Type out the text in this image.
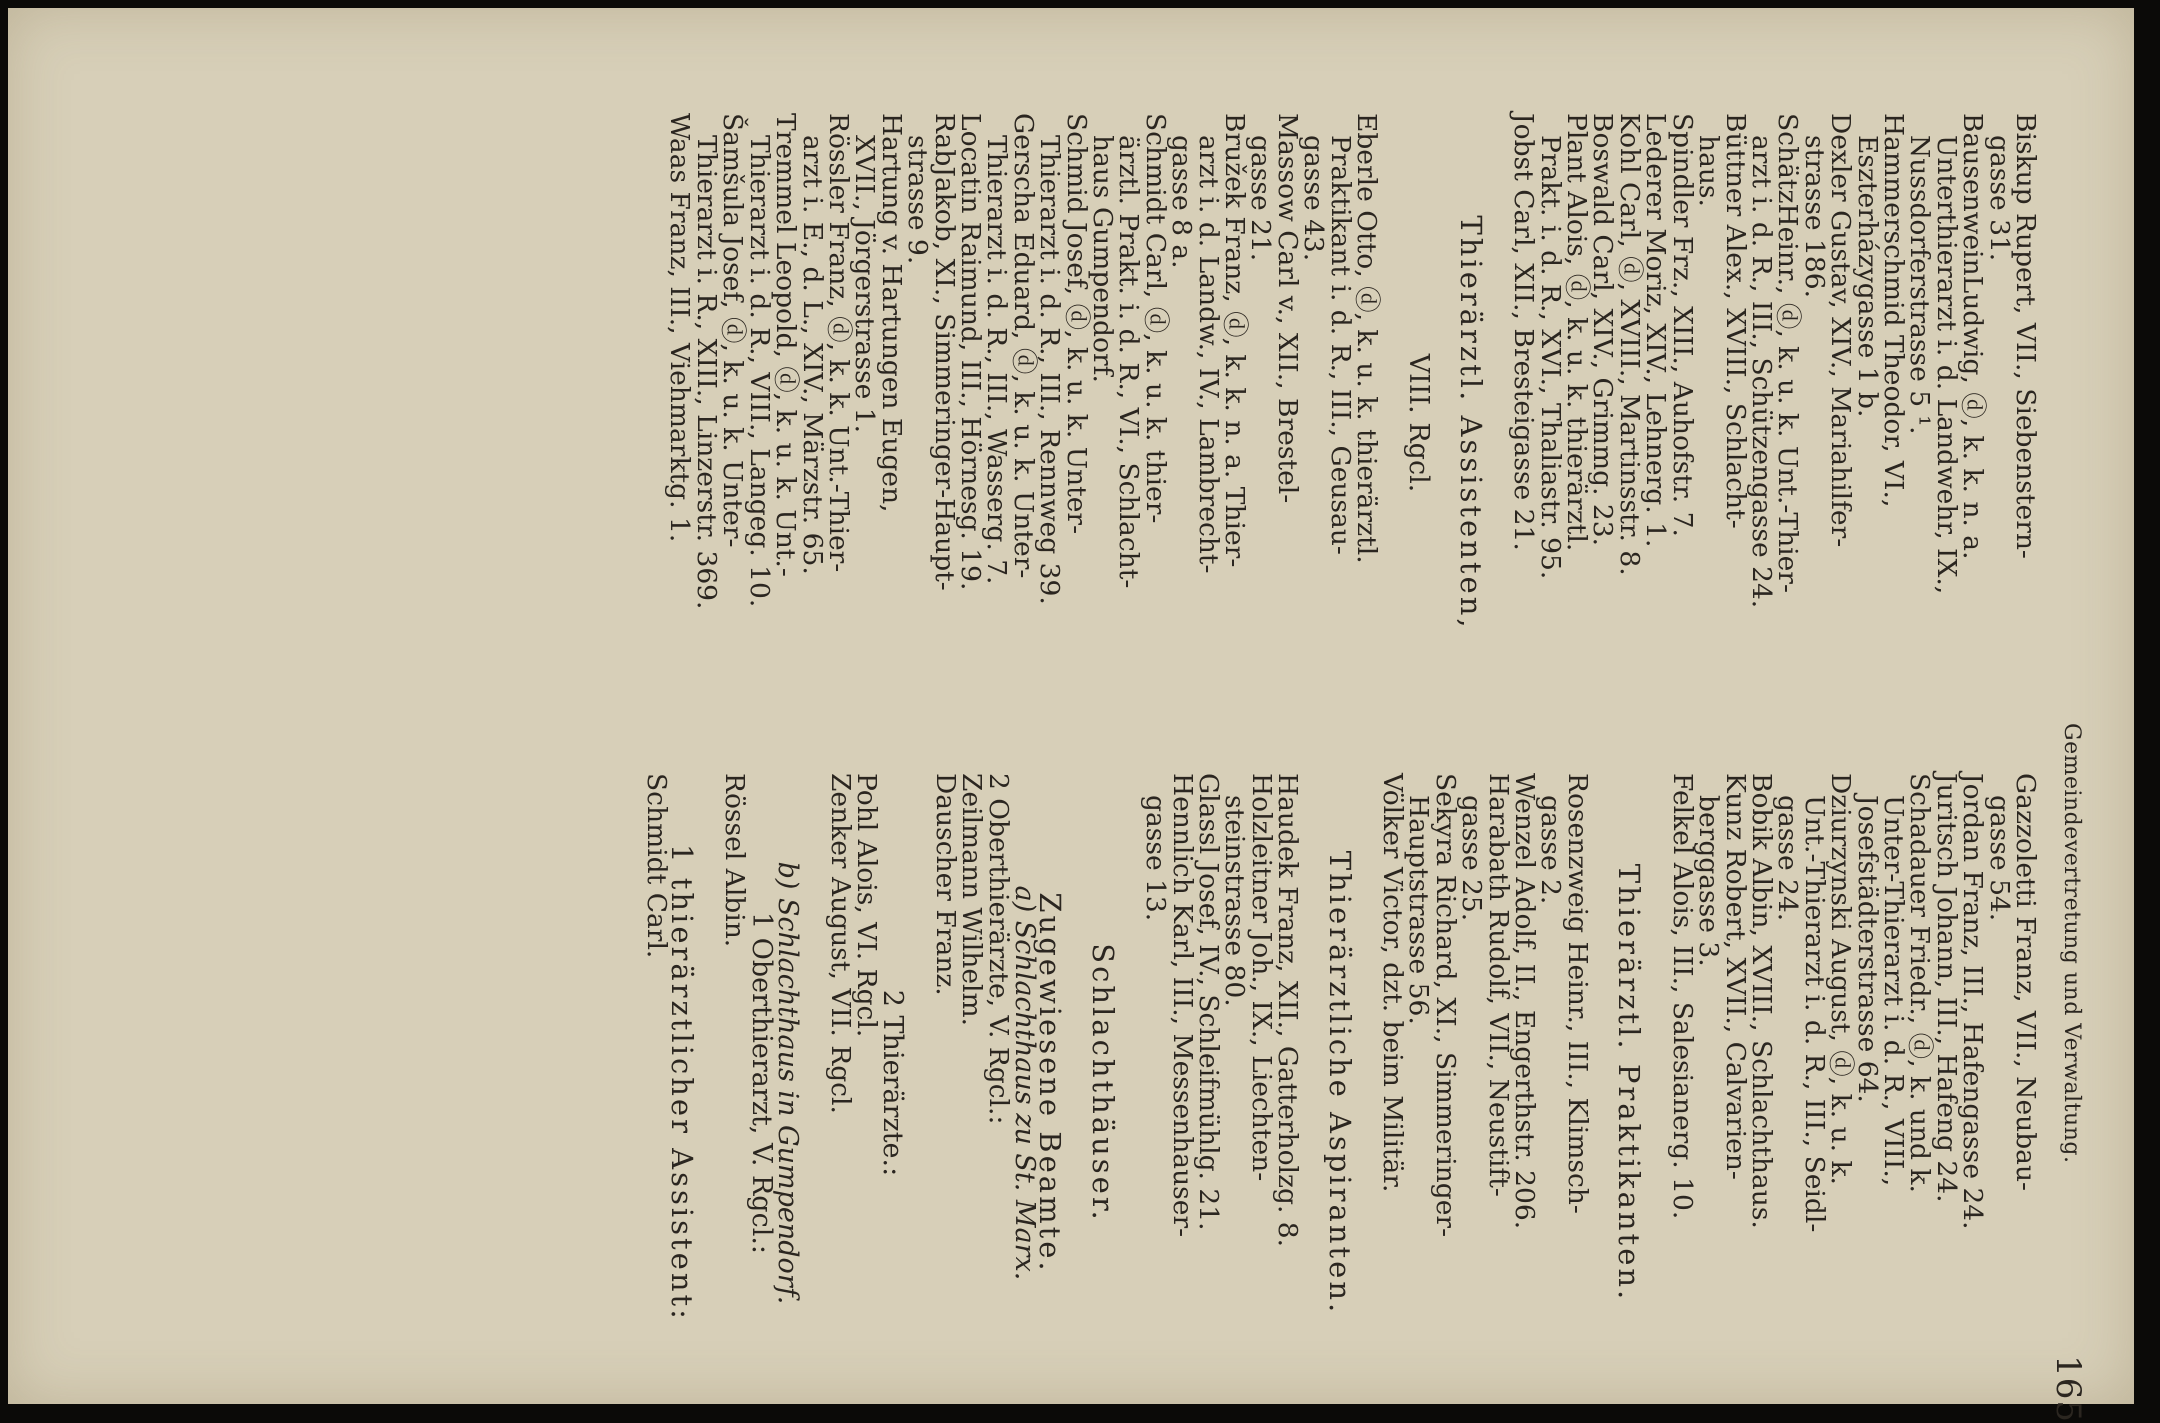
Gemeindevertretung und Verwaltung.
165
Biskup Rupert, VII., Siebenstern-
gasse 31.
BausenweinLudwig, ⓓ, k. k. n. a.
Unterthierarzt i. d. Landwehr, IX.,
Nussdorferstrasse 5 ¹.
Hammerschmid Theodor, VI.,
Eszterházygasse 1 b.
Dexler Gustav, XIV., Mariahilfer-
strasse 186.
SchätzHeinr., ⓓ, k. u. k. Unt.-Thier-
arzt i. d. R., III., Schützengasse 24.
Büttner Alex., XVIII., Schlacht-
haus.
Spindler Frz., XIII., Auhofstr. 7.
Lederer Moriz, XIV., Lehnerg. 1.
Kohl Carl, ⓓ, XVIII., Martinsstr. 8.
Boswald Carl, XIV., Grimmg. 23.
Plant Alois, ⓓ, k. u. k. thierärztl.
Prakt. i. d. R., XVI., Thaliastr. 95.
Jobst Carl, XII., Bresteigasse 21.
Thierärztl. Assistenten,
VIII. Rgcl.
Eberle Otto, ⓓ, k. u. k. thierärztl.
Praktikant i. d. R., III., Geusau-
gasse 43.
Massow Carl v., XII., Brestel-
gasse 21.
Bružek Franz, ⓓ, k. k. n. a. Thier-
arzt i. d. Landw., IV., Lambrecht-
gasse 8 a.
Schmidt Carl, ⓓ, k. u. k. thier-
ärztl. Prakt. i. d. R., VI., Schlacht-
haus Gumpendorf.
Schmid Josef, ⓓ, k. u. k. Unter-
Thierarzt i. d. R., III., Rennweg 39.
Gerscha Eduard, ⓓ, k. u. k. Unter-
Thierarzt i. d. R., III., Wasserg. 7.
Locatin Raimund, III., Hörnesg. 19.
RabJakob, XI., Simmeringer-Haupt-
strasse 9.
Hartung v. Hartungen Eugen,
XVII., Jörgerstrasse 1.
Rössler Franz, ⓓ, k. k. Unt.-Thier-
arzt i. E., d. L., XIV., Märzstr. 65.
Tremmel Leopold, ⓓ, k. u. k. Unt.-
Thierarzt i. d. R., VIII., Langeg. 10.
Šamšula Josef, ⓓ, k. u. k. Unter-
Thierarzt i. R., XIII., Linzerstr. 369.
Waas Franz, III., Viehmarktg. 1.
Gazzoletti Franz, VII., Neubau-
gasse 54.
Jordan Franz, III., Hafengasse 24.
Juritsch Johann, III., Hafeng 24.
Schadauer Friedr., ⓓ, k. und k.
Unter-Thierarzt i. d. R., VIII.,
Josefstädterstrasse 64.
Dziurzynski August, ⓓ, k. u. k.
Unt.-Thierarzt i. d. R., III., Seidl-
gasse 24.
Bobik Albin, XVIII., Schlachthaus.
Kunz Robert, XVII., Calvarien-
berggasse 3.
Felkel Alois, III., Salesianerg. 10.
Thierärztl. Praktikanten.
Rosenzweig Heinr., III., Klimsch-
gasse 2.
Wenzel Adolf, II., Engerthstr. 206.
Harabath Rudolf, VII., Neustift-
gasse 25.
Sekyra Richard, XI., Simmeringer-
Hauptstrasse 56.
Völker Victor, dzt. beim Militär.
Thierärztliche Aspiranten.
Haudek Franz, XII., Gatterholzg. 8.
Holzleitner Joh., IX., Liechten-
steinstrasse 80.
Glassl Josef, IV., Schleifmühlg. 21.
Hennlich Karl, III., Messenhauser-
gasse 13.
Schlachthäuser.
Zugewiesene Beamte.
a) Schlachthaus zu St. Marx.
2 Oberthierärzte, V. Rgcl.:
Zeilmann Wilhelm.
Dauscher Franz.
2 Thierärzte.:
Pohl Alois, VI. Rgcl.
Zenker August, VII. Rgcl.
b) Schlachthaus in Gumpendorf.
1 Oberthierarzt, V. Rgcl.:
Rössel Albin.
1 thierärztlicher Assistent:
Schmidt Carl.
